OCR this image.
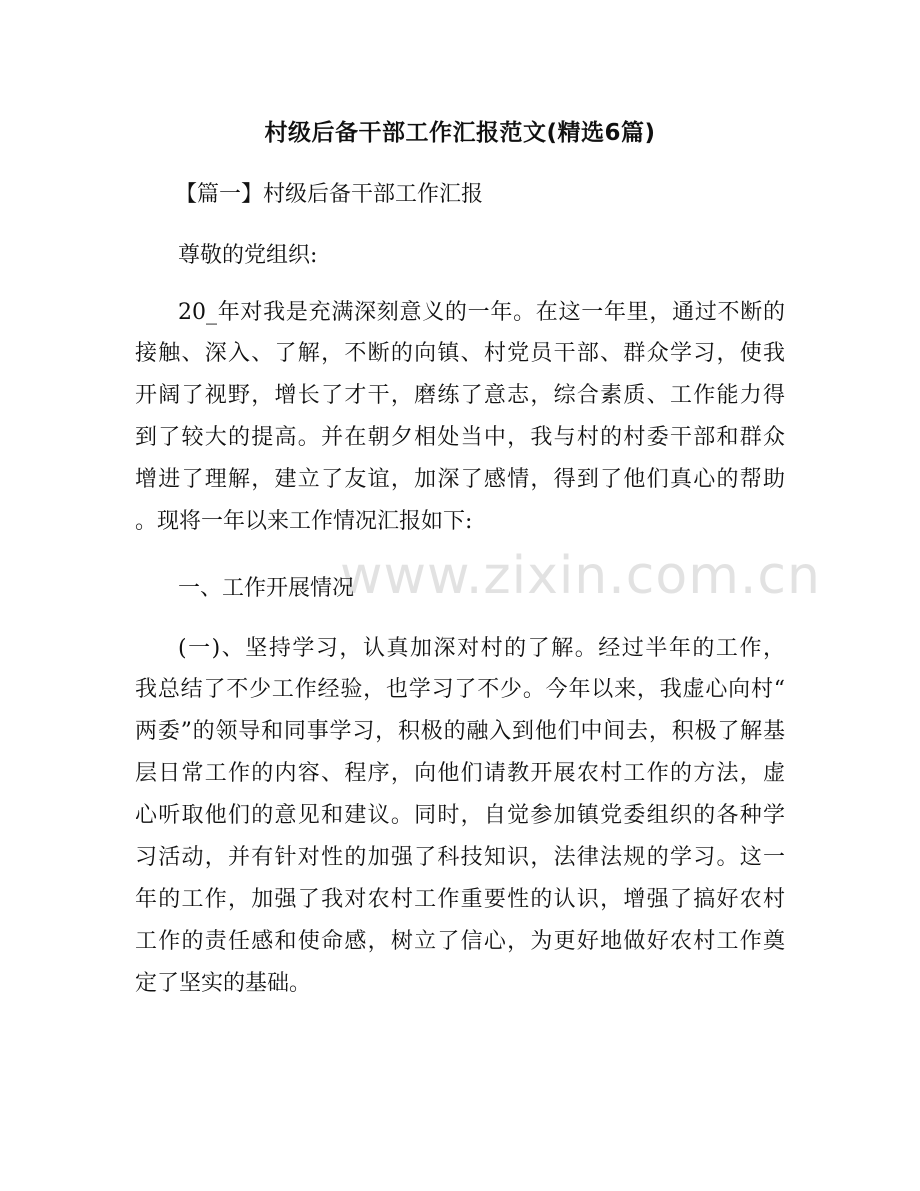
www.zixin.com.cn
村级后备干部工作汇报范文(精选6篇)
【篇一】村级后备干部工作汇报
尊敬的党组织:
20_年对我是充满深刻意义的一年。在这一年里，通过不断的
接触、深入、了解，不断的向镇、村党员干部、群众学习，使我
开阔了视野，增长了才干，磨练了意志，综合素质、工作能力得
到了较大的提高。并在朝夕相处当中，我与村的村委干部和群众
增进了理解，建立了友谊，加深了感情，得到了他们真心的帮助
。现将一年以来工作情况汇报如下:
一、工作开展情况
(一)、坚持学习，认真加深对村的了解。经过半年的工作，
我总结了不少工作经验，也学习了不少。今年以来，我虚心向村“
两委”的领导和同事学习，积极的融入到他们中间去，积极了解基
层日常工作的内容、程序，向他们请教开展农村工作的方法，虚
心听取他们的意见和建议。同时，自觉参加镇党委组织的各种学
习活动，并有针对性的加强了科技知识，法律法规的学习。这一
年的工作，加强了我对农村工作重要性的认识，增强了搞好农村
工作的责任感和使命感，树立了信心，为更好地做好农村工作奠
定了坚实的基础。
